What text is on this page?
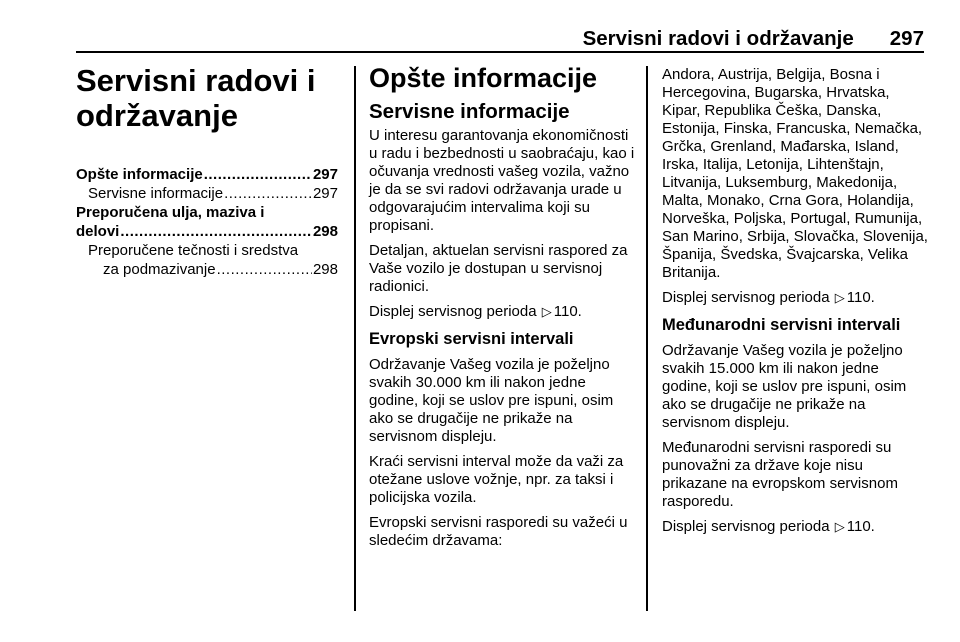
Servisni radovi i održavanje 297
Servisni radovi i
održavanje
Opšte informacije .....	297
Servisne informacije .....	297
Preporučena ulja, maziva i
delovi .....	298
Preporučene tečnosti i sredstva
za podmazivanje .....	298
Opšte informacije
Servisne informacije

U interesu garantovanja ekonomičnosti u radu i bezbednosti u saobraćaju, kao i očuvanja vrednosti vašeg vozila, važno je da se svi radovi održavanja urade u odgovarajućim intervalima koji su propisani.

Detaljan, aktuelan servisni raspored za Vaše vozilo je dostupan u servisnoj radionici.

Displej servisnog perioda ▷ 110.

Evropski servisni intervali

Održavanje Vašeg vozila je poželjno svakih 30.000 km ili nakon jedne godine, koji se uslov pre ispuni, osim ako se drugačije ne prikaže na servisnom displeju.

Kraći servisni interval može da važi za otežane uslove vožnje, npr. za taksi i policijska vozila.

Evropski servisni rasporedi su važeći u sledećim državama:

Andora, Austrija, Belgija, Bosna i Hercegovina, Bugarska, Hrvatska, Kipar, Republika Češka, Danska, Estonija, Finska, Francuska, Nemačka, Grčka, Grenland, Mađarska, Island, Irska, Italija, Letonija, Lihtenštajn, Litvanija, Luksemburg, Makedonija, Malta, Monako, Crna Gora, Holandija, Norveška, Poljska, Portugal, Rumunija, San Marino, Srbija, Slovačka, Slovenija, Španija, Švedska, Švajcarska, Velika Britanija.

Displej servisnog perioda ▷ 110.

Međunarodni servisni intervali

Održavanje Vašeg vozila je poželjno svakih 15.000 km ili nakon jedne godine, koji se uslov pre ispuni, osim ako se drugačije ne prikaže na servisnom displeju.

Međunarodni servisni rasporedi su punovažni za države koje nisu prikazane na evropskom servisnom rasporedu.

Displej servisnog perioda ▷ 110.
